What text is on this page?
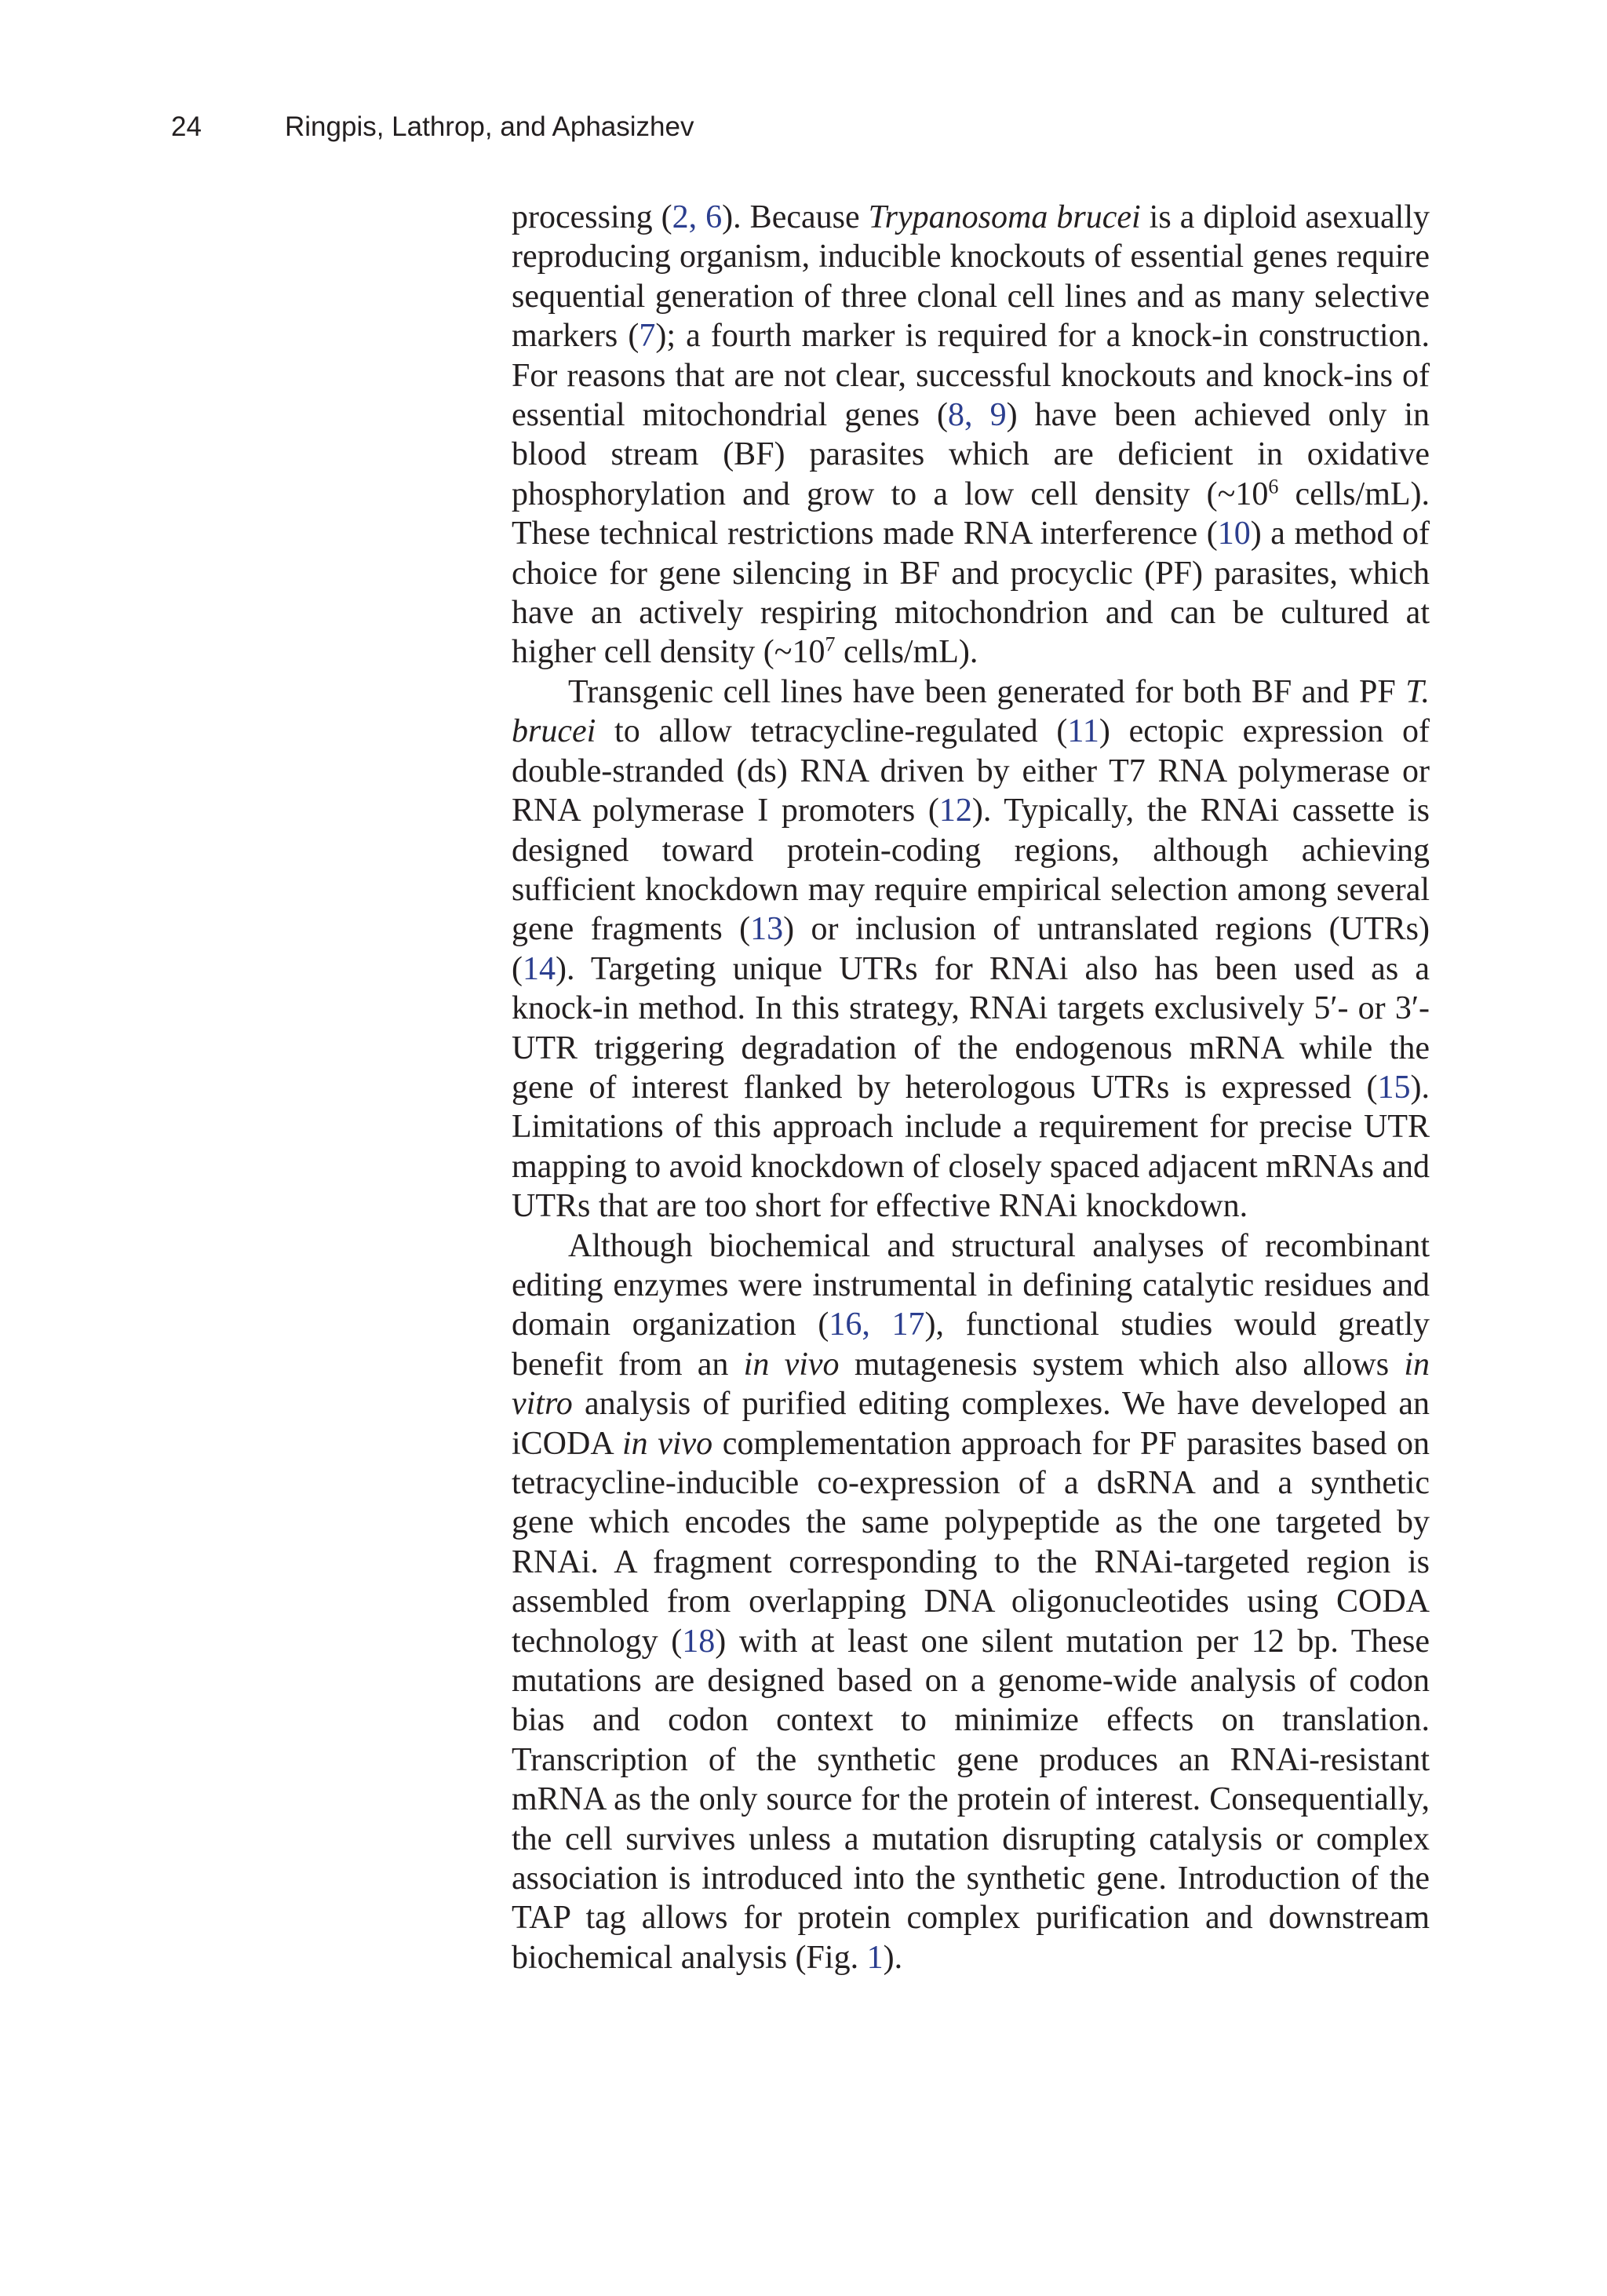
24	Ringpis, Lathrop, and Aphasizhev

processing (2, 6). Because Trypanosoma brucei is a diploid asexually reproducing organism, inducible knockouts of essential genes require sequential generation of three clonal cell lines and as many selective markers (7); a fourth marker is required for a knock-in construction. For reasons that are not clear, successful knockouts and knock-ins of essential mitochondrial genes (8, 9) have been achieved only in blood stream (BF) parasites which are deficient in oxidative phosphorylation and grow to a low cell density ($\sim 10^6$ cells/mL). These technical restrictions made RNA interference (10) a method of choice for gene silencing in BF and procyclic (PF) parasites, which have an actively respiring mitochondrion and can be cultured at higher cell density ($\sim 10^7$ cells/mL).

Transgenic cell lines have been generated for both BF and PF T. brucei to allow tetracycline-regulated (11) ectopic expression of double-stranded (ds) RNA driven by either T7 RNA polymerase or RNA polymerase I promoters (12). Typically, the RNAi cassette is designed toward protein-coding regions, although achieving sufficient knockdown may require empirical selection among several gene fragments (13) or inclusion of untranslated regions (UTRs) (14). Targeting unique UTRs for RNAi also has been used as a knock-in method. In this strategy, RNAi targets exclusively 5′- or 3′-UTR triggering degradation of the endogenous mRNA while the gene of interest flanked by heterologous UTRs is expressed (15). Limitations of this approach include a requirement for precise UTR mapping to avoid knockdown of closely spaced adjacent mRNAs and UTRs that are too short for effective RNAi knockdown.

Although biochemical and structural analyses of recombinant editing enzymes were instrumental in defining catalytic residues and domain organization (16, 17), functional studies would greatly benefit from an in vivo mutagenesis system which also allows in vitro analysis of purified editing complexes. We have developed an iCODA in vivo complementation approach for PF parasites based on tetracycline-inducible co-expression of a dsRNA and a synthetic gene which encodes the same polypeptide as the one targeted by RNAi. A fragment corresponding to the RNAi-targeted region is assembled from overlapping DNA oligonucleotides using CODA technology (18) with at least one silent mutation per 12 bp. These mutations are designed based on a genome-wide analysis of codon bias and codon context to minimize effects on translation. Transcription of the synthetic gene produces an RNAi-resistant mRNA as the only source for the protein of interest. Consequentially, the cell survives unless a mutation disrupting catalysis or complex association is introduced into the synthetic gene. Introduction of the TAP tag allows for protein complex purification and downstream biochemical analysis (Fig. 1).
